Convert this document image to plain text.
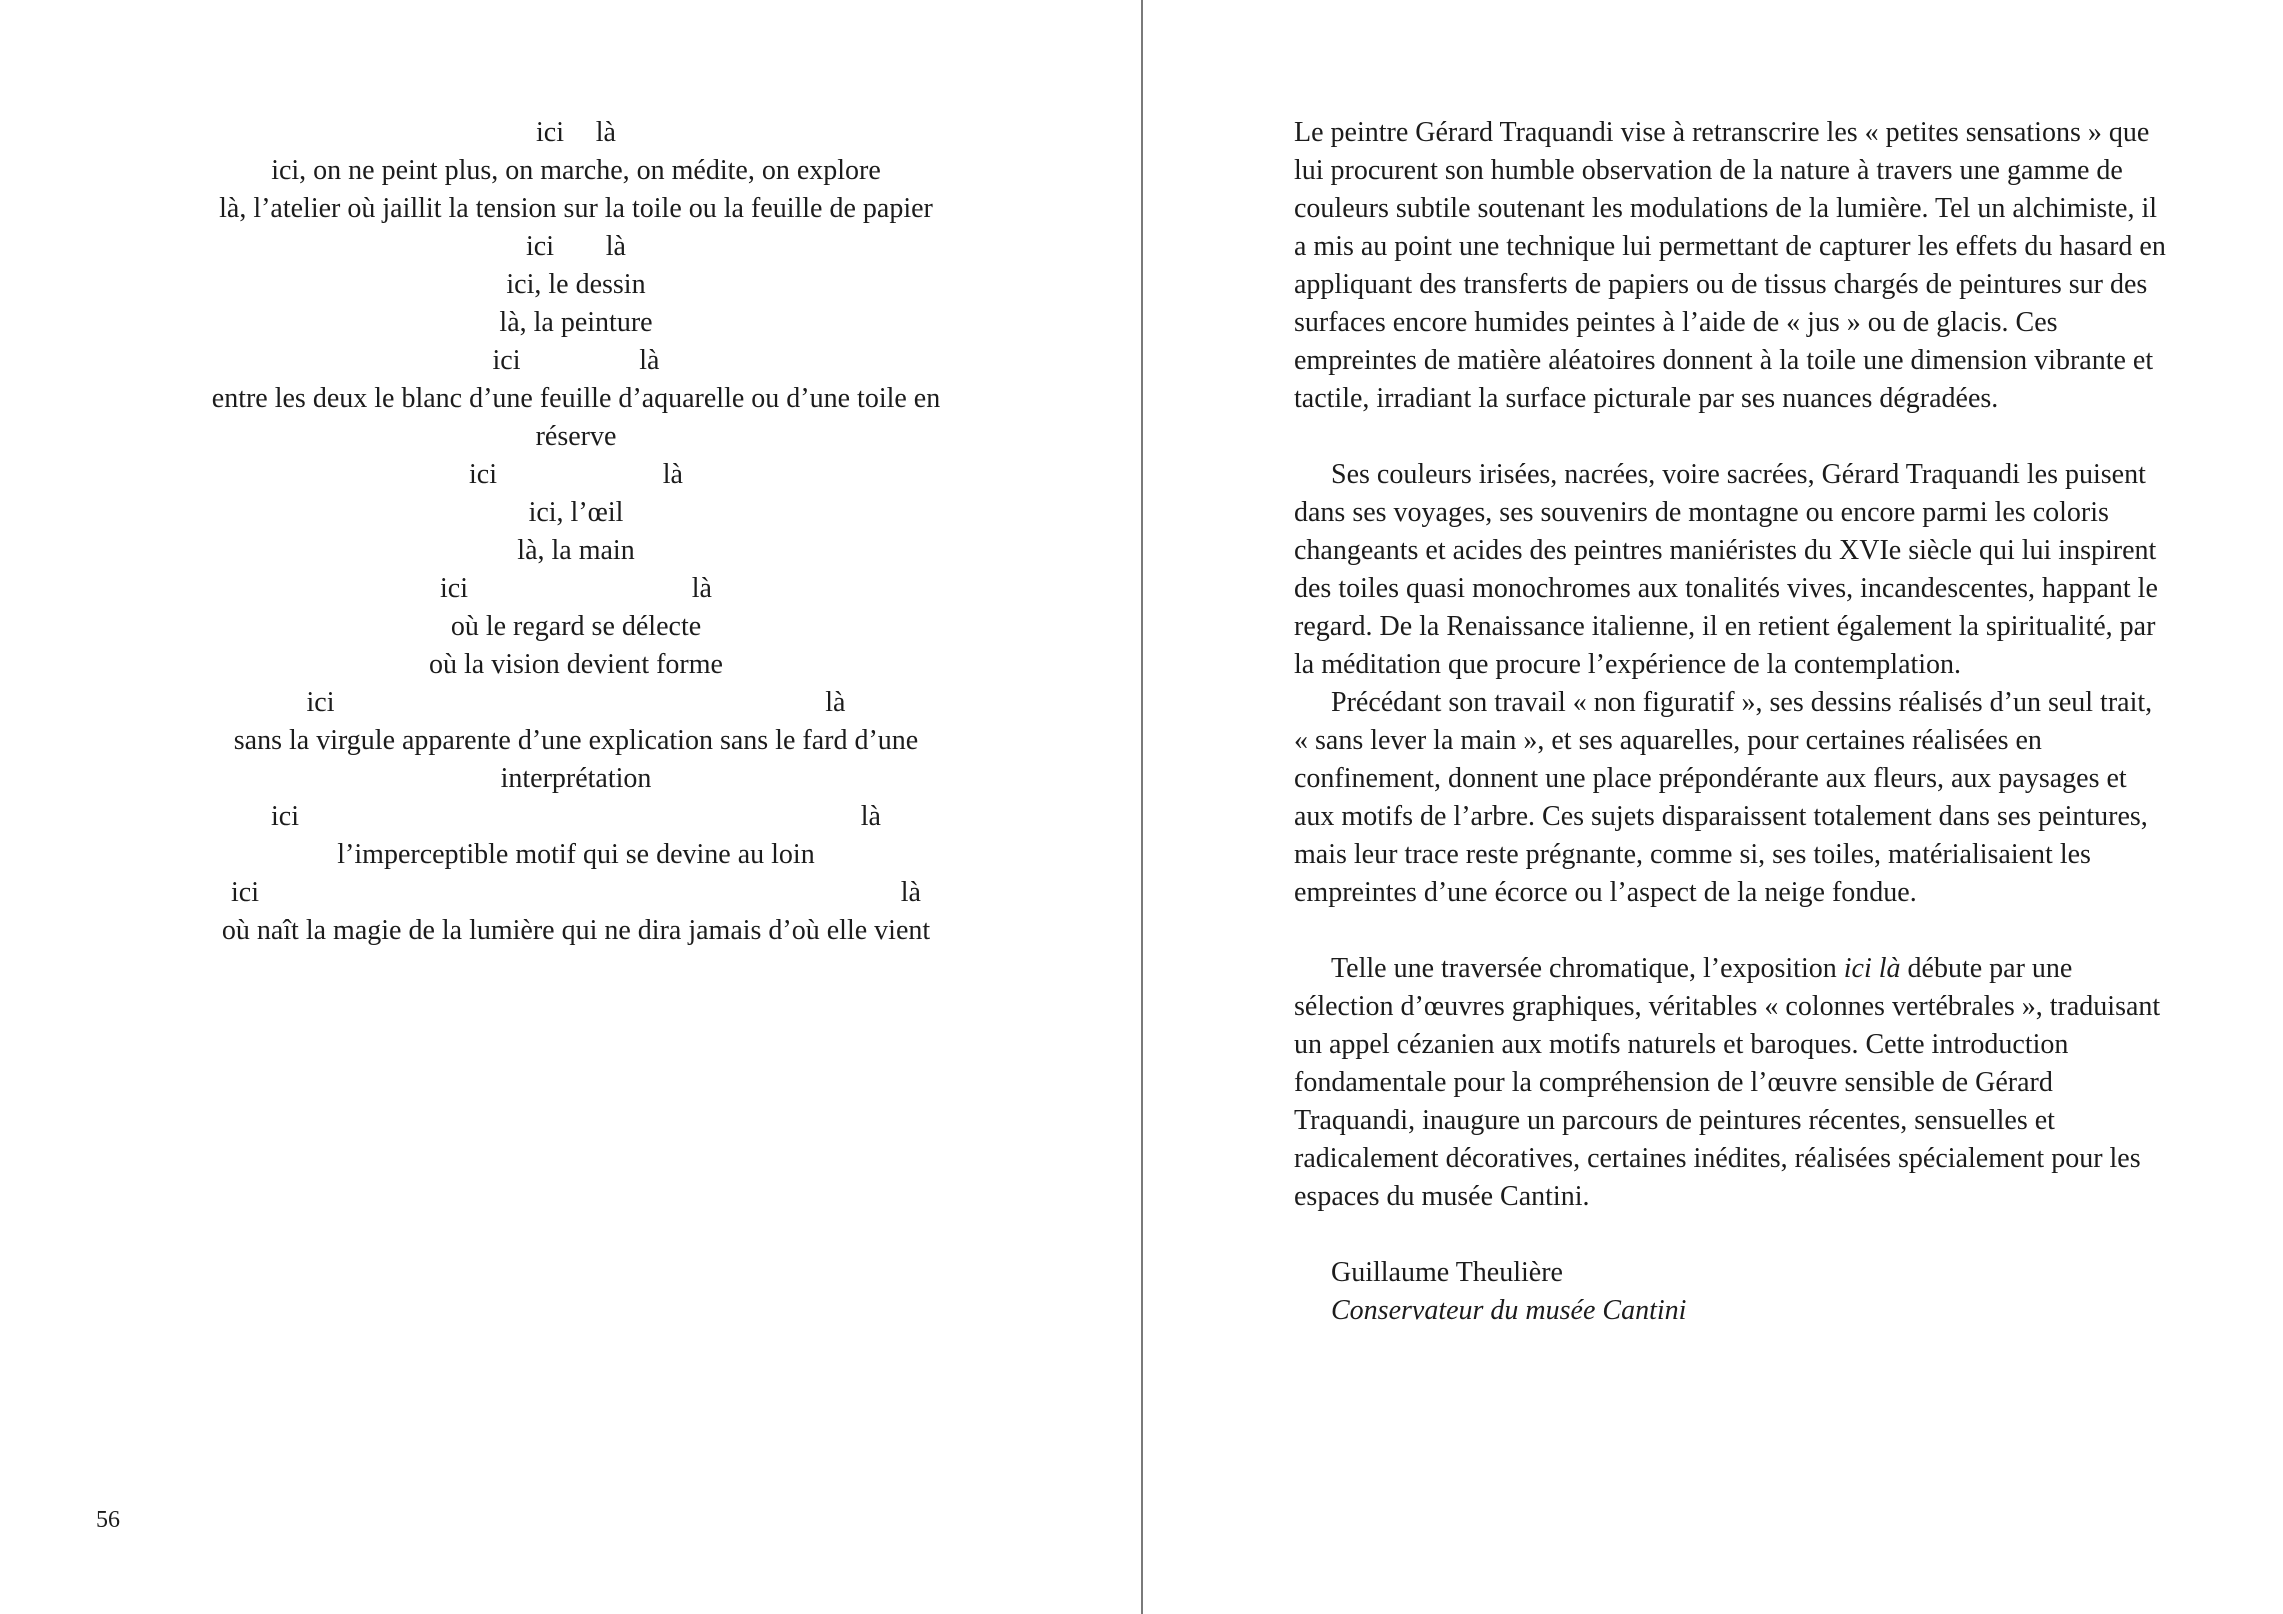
ici là
ici, on ne peint plus, on marche, on médite, on explore
là, l’atelier où jaillit la tension sur la toile ou la feuille de papier
ici là
ici, le dessin
là, la peinture
ici	là
entre les deux le blanc d’une feuille d’aquarelle ou d’une toile en
réserve
ici	là
ici, l’œil
là, la main
ici	là
où le regard se délecte
où la vision devient forme
ici	là
sans la virgule apparente d’une explication sans le fard d’une
interprétation
ici	là
l’imperceptible motif qui se devine au loin
ici	là
où naît la magie de la lumière qui ne dira jamais d’où elle vient
56

Le peintre Gérard Traquandi vise à retranscrire les « petites sensations » que lui procurent son humble observation de la nature à travers une gamme de couleurs subtile soutenant les modulations de la lumière. Tel un alchimiste, il a mis au point une technique lui permettant de capturer les effets du hasard en appliquant des transferts de papiers ou de tissus chargés de peintures sur des surfaces encore humides peintes à l’aide de « jus » ou de glacis. Ces empreintes de matière aléatoires donnent à la toile une dimension vibrante et tactile, irradiant la surface picturale par ses nuances dégradées.

Ses couleurs irisées, nacrées, voire sacrées, Gérard Traquandi les puisent dans ses voyages, ses souvenirs de montagne ou encore parmi les coloris changeants et acides des peintres maniéristes du XVIe siècle qui lui inspirent des toiles quasi monochromes aux tonalités vives, incandescentes, happant le regard. De la Renaissance italienne, il en retient également la spiritualité, par la méditation que procure l’expérience de la contemplation.

Précédant son travail « non figuratif », ses dessins réalisés d’un seul trait, « sans lever la main », et ses aquarelles, pour certaines réalisées en confinement, donnent une place prépondérante aux fleurs, aux paysages et aux motifs de l’arbre. Ces sujets disparaissent totalement dans ses peintures, mais leur trace reste prégnante, comme si, ses toiles, matérialisaient les empreintes d’une écorce ou l’aspect de la neige fondue.

Telle une traversée chromatique, l’exposition ici là débute par une sélection d’œuvres graphiques, véritables « colonnes vertébrales », traduisant un appel cézanien aux motifs naturels et baroques. Cette introduction fondamentale pour la compréhension de l’œuvre sensible de Gérard Traquandi, inaugure un parcours de peintures récentes, sensuelles et radicalement décoratives, certaines inédites, réalisées spécialement pour les espaces du musée Cantini.

Guillaume Theulière
Conservateur du musée Cantini
